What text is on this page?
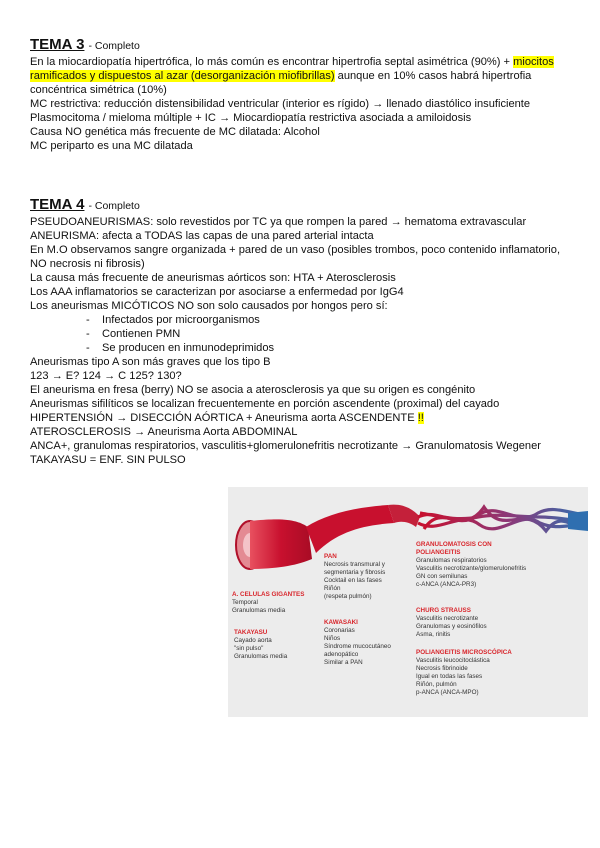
TEMA 3 - Completo
En la miocardiopatía hipertrófica, lo más común es encontrar hipertrofia septal asimétrica (90%) + miocitos
ramificados y dispuestos al azar (desorganización miofibrillas) aunque en 10% casos habrá hipertrofia
concéntrica simétrica (10%)
MC restrictiva: reducción distensibilidad ventricular (interior es rígido) → llenado diastólico insuficiente
Plasmocitoma / mieloma múltiple + IC → Miocardiopatía restrictiva asociada a amiloidosis
Causa NO genética más frecuente de MC dilatada: Alcohol
MC periparto es una MC dilatada
TEMA 4 - Completo
PSEUDOANEURISMAS: solo revestidos por TC ya que rompen la pared → hematoma extravascular
ANEURISMA: afecta a TODAS las capas de una pared arterial intacta
En M.O observamos sangre organizada + pared de un vaso (posibles trombos, poco contenido inflamatorio,
NO necrosis ni fibrosis)
La causa más frecuente de aneurismas aórticos son: HTA + Aterosclerosis
Los AAA inflamatorios se caracterizan por asociarse a enfermedad por IgG4
Los aneurismas MICÓTICOS NO son solo causados por hongos pero sí:
- Infectados por microorganismos
- Contienen PMN
- Se producen en inmunodeprimidos
Aneurismas tipo A son más graves que los tipo B
123 → E? 124 → C 125? 130?
El aneurisma en fresa (berry) NO se asocia a aterosclerosis ya que su origen es congénito
Aneurismas sifilíticos se localizan frecuentemente en porción ascendente (proximal) del cayado
HIPERTENSIÓN → DISECCIÓN AÓRTICA + Aneurisma aorta ASCENDENTE !!
ATEROSCLEROSIS → Aneurisma Aorta ABDOMINAL
ANCA+, granulomas respiratorios, vasculitis+glomerulonefritis necrotizante → Granulomatosis Wegener
TAKAYASU = ENF. SIN PULSO
A. CELULAS GIGANTES
Temporal
Granulomas media
TAKAYASU
Cayado aorta
"sin pulso"
Granulomas media
PAN
Necrosis transmural y
segmentaria y fibrosis
Cocktail en las fases
Riñón
(respeta pulmón)
KAWASAKI
Coronarias
Niños
Síndrome mucocutáneo
adenopático
Similar a PAN
GRANULOMATOSIS CON POLIANGEITIS
Granulomas respiratorios
Vasculitis necrotizante/glomerulonefritis
GN con semilunas
c-ANCA (ANCA-PR3)
CHURG STRAUSS
Vasculitis necrotizante
Granulomas y eosinófilos
Asma, rinitis
POLIANGEITIS MICROSCÓPICA
Vasculitis leucocitoclástica
Necrosis fibrinoide
Igual en todas las fases
Riñón, pulmón
p-ANCA (ANCA-MPO)
